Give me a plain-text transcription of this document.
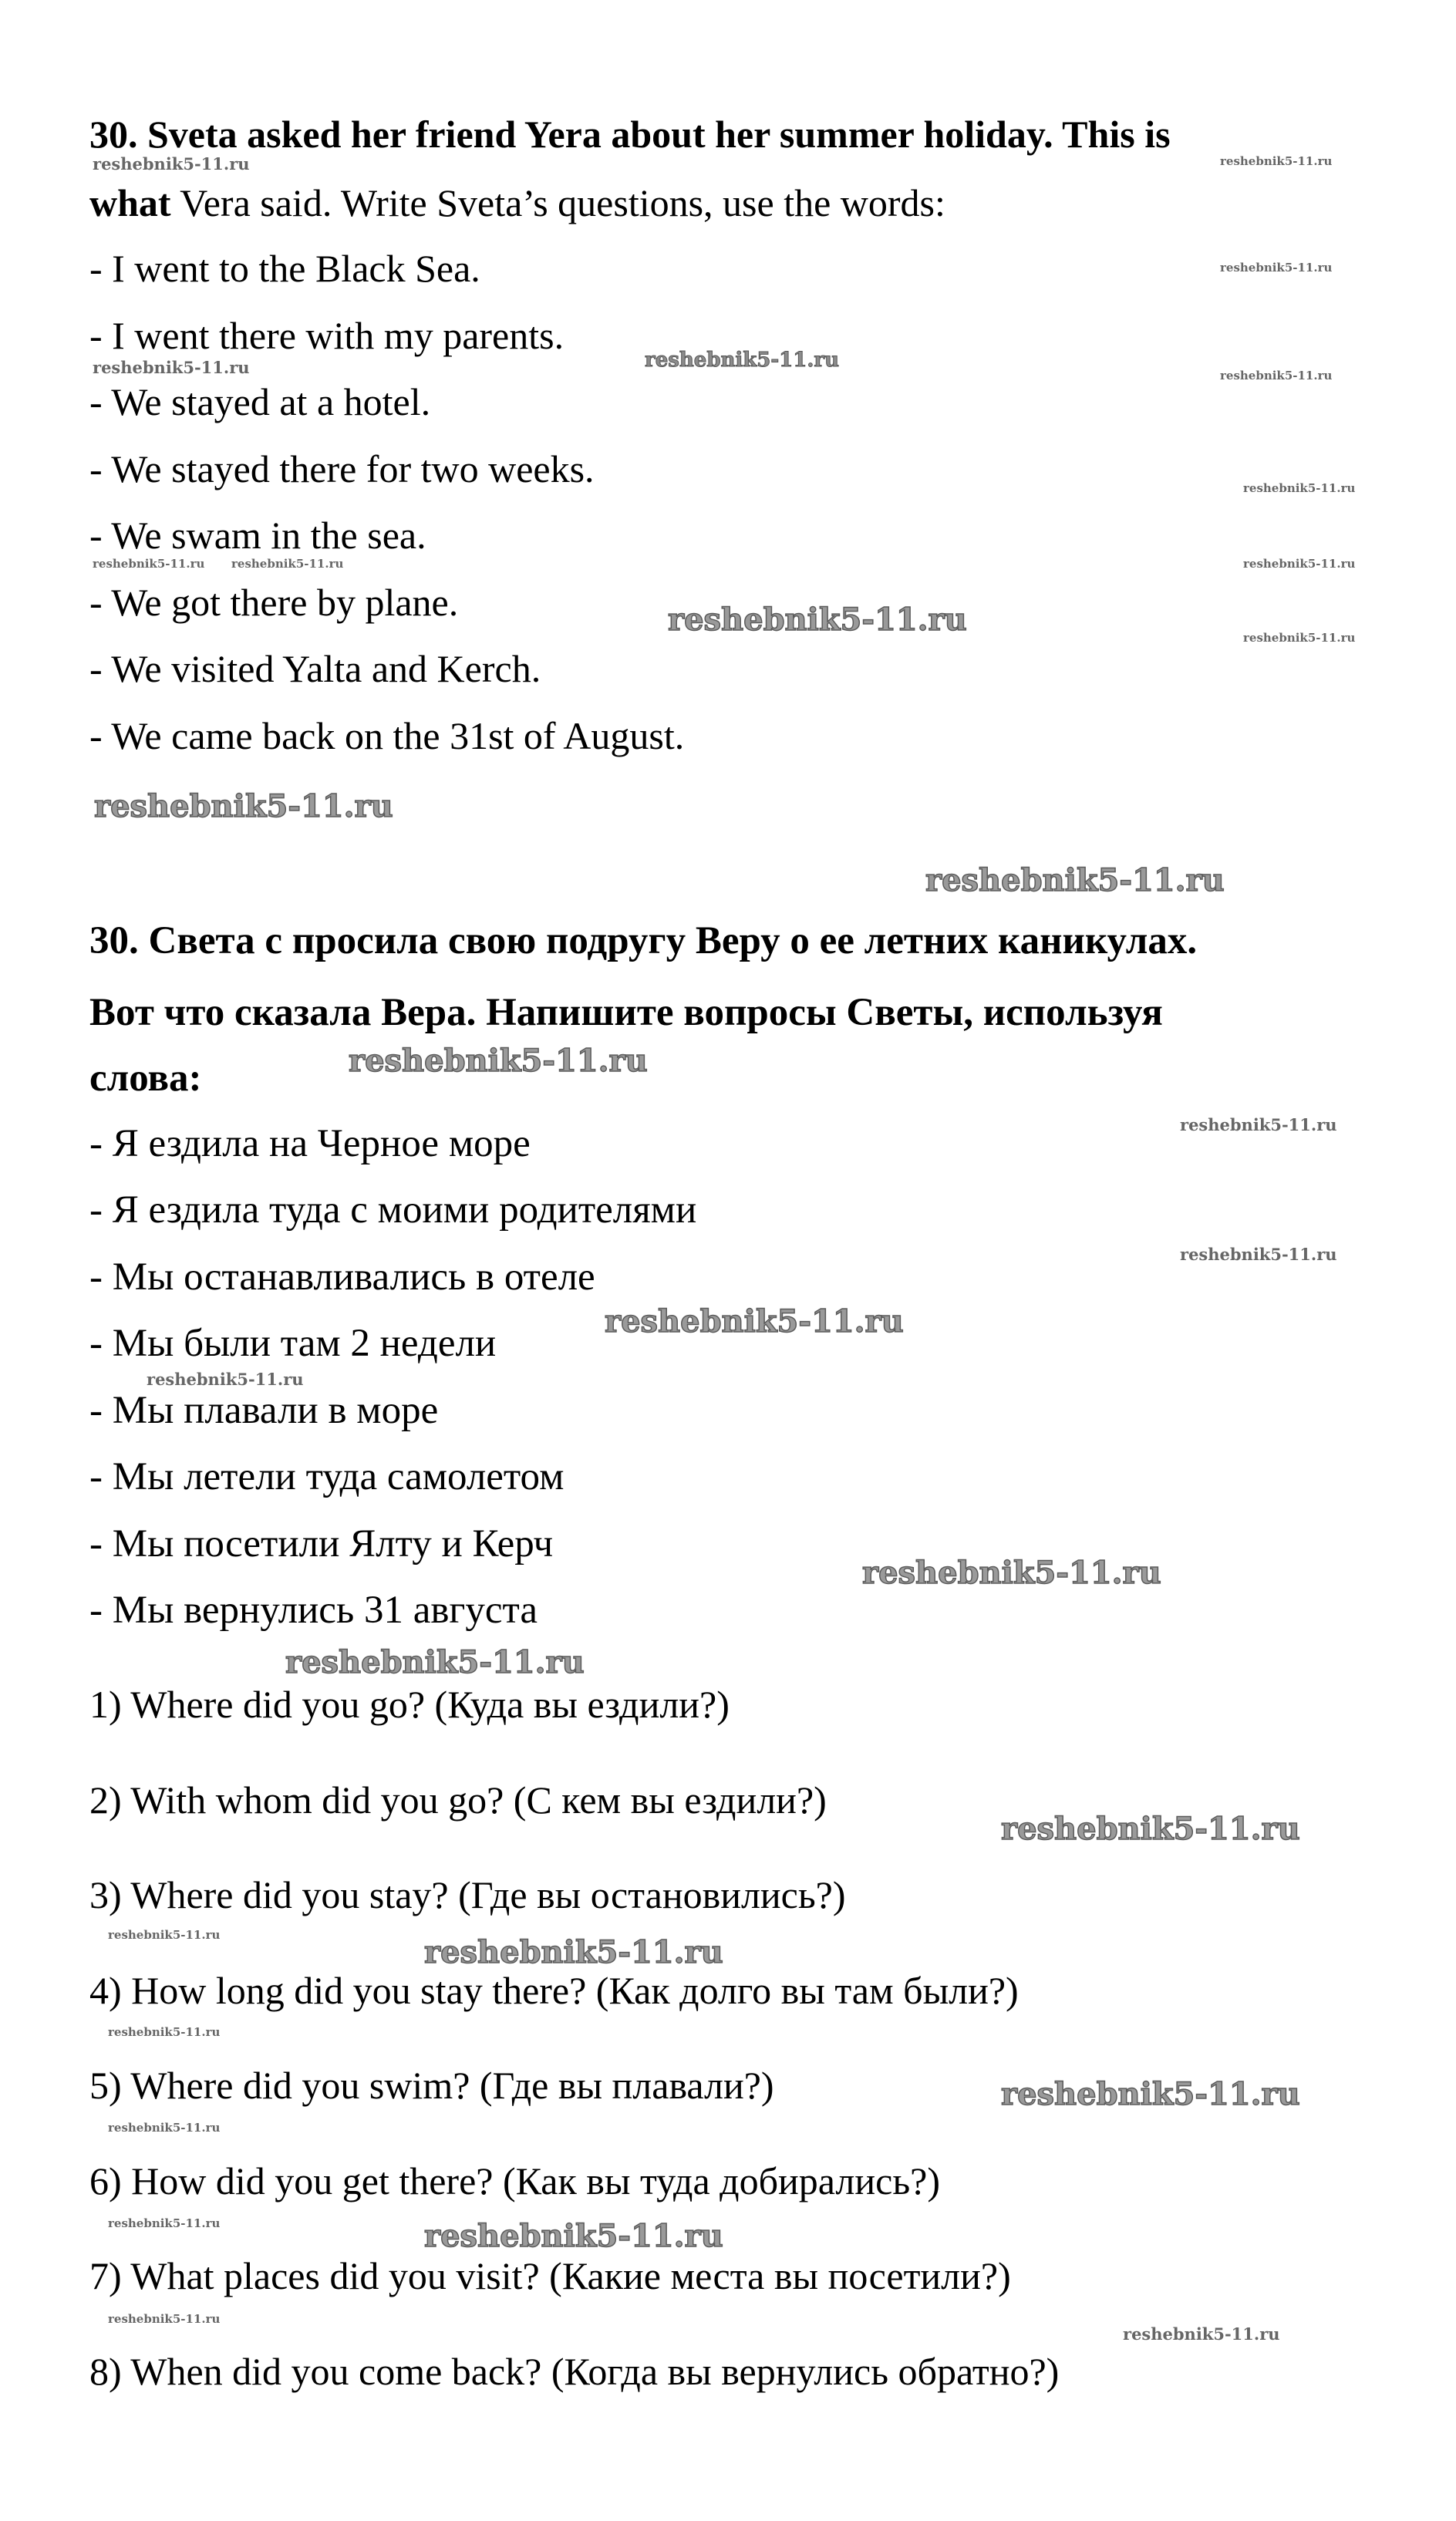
30. Sveta asked her friend Yera about her summer holiday. This is
what Vera said. Write Sveta’s questions, use the words:
- I went to the Black Sea.
- I went there with my parents.
- We stayed at a hotel.
- We stayed there for two weeks.
- We swam in the sea.
- We got there by plane.
- We visited Yalta and Kerch.
- We came back on the 31st of August.
30. Света с просила свою подругу Веру о ее летних каникулах.
Вот что сказала Вера. Напишите вопросы Светы, используя
слова:
- Я ездила на Черное море
- Я ездила туда с моими родителями
- Мы останавливались в отеле
- Мы были там 2 недели
- Мы плавали в море
- Мы летели туда самолетом
- Мы посетили Ялту и Керч
- Мы вернулись 31 августа
1) Where did you go? (Куда вы ездили?)
2) With whom did you go? (С кем вы ездили?)
3) Where did you stay? (Где вы остановились?)
4) How long did you stay there? (Как долго вы там были?)
5) Where did you swim? (Где вы плавали?)
6) How did you get there? (Как вы туда добирались?)
7) What places did you visit? (Какие места вы посетили?)
8) When did you come back? (Когда вы вернулись обратно?)
reshebnik5-11.ru	reshebnik5-11.ru
reshebnik5-11.ru
reshebnik5-11.ru	reshebnik5-11.ru
reshebnik5-11.ru
reshebnik5-11.ru
reshebnik5-11.ru reshebnik5-11.ru	reshebnik5-11.ru
reshebnik5-11.ru	reshebnik5-11.ru
reshebnik5-11.ru
reshebnik5-11.ru
reshebnik5-11.ru
reshebnik5-11.ru
reshebnik5-11.ru
reshebnik5-11.ru
reshebnik5-11.ru
reshebnik5-11.ru
reshebnik5-11.ru
reshebnik5-11.ru
reshebnik5-11.ru	reshebnik5-11.ru
reshebnik5-11.ru
reshebnik5-11.ru
reshebnik5-11.ru
reshebnik5-11.ru	reshebnik5-11.ru
reshebnik5-11.ru
reshebnik5-11.ru
